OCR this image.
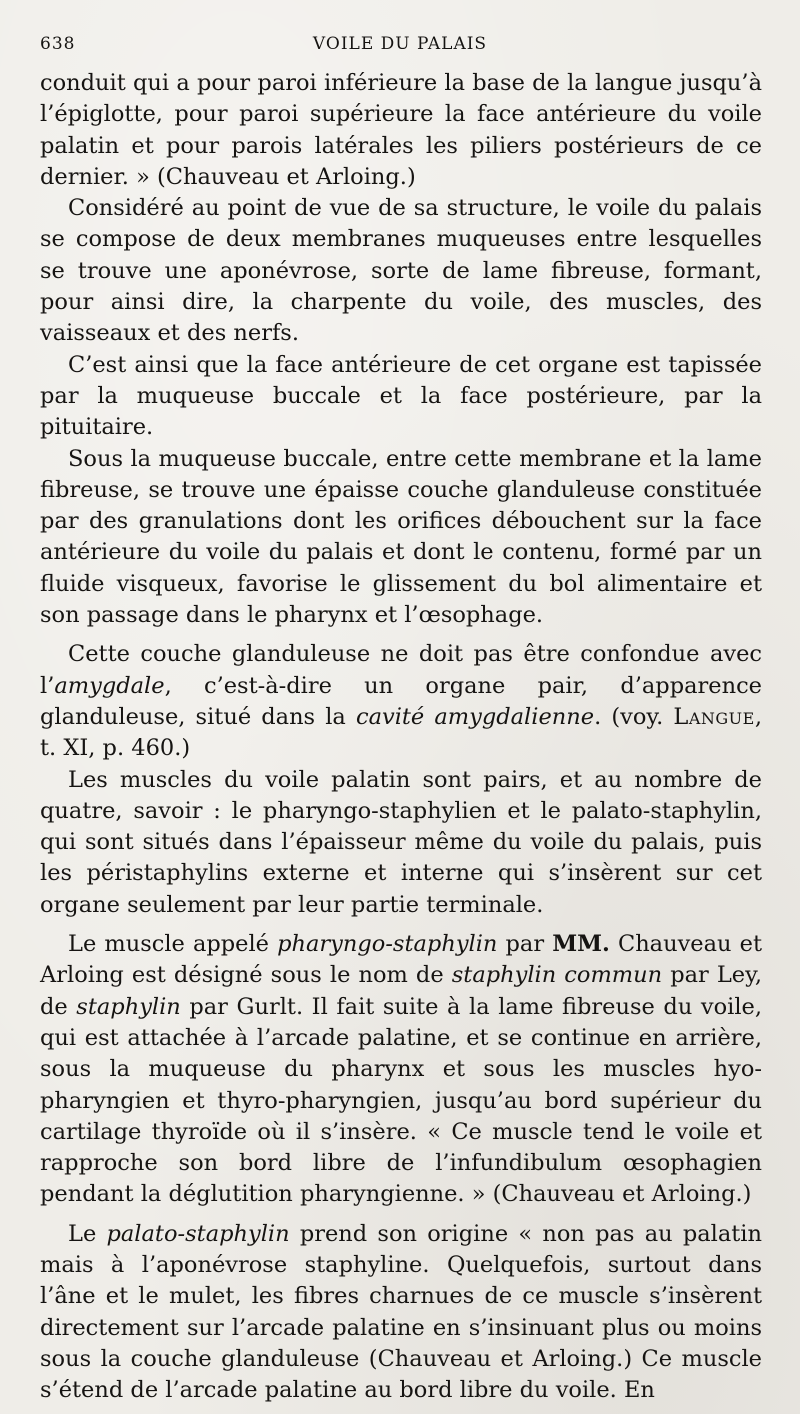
638	VOILE DU PALAIS

conduit qui a pour paroi inférieure la base de la langue jusqu’à l’épiglotte, pour paroi supérieure la face antérieure du voile palatin et pour parois latérales les piliers postérieurs de ce dernier. » (Chauveau et Arloing.)

Considéré au point de vue de sa structure, le voile du palais se compose de deux membranes muqueuses entre lesquelles se trouve une aponévrose, sorte de lame fibreuse, formant, pour ainsi dire, la charpente du voile, des muscles, des vaisseaux et des nerfs.

C’est ainsi que la face antérieure de cet organe est tapissée par la muqueuse buccale et la face postérieure, par la pituitaire.

Sous la muqueuse buccale, entre cette membrane et la lame fibreuse, se trouve une épaisse couche glanduleuse constituée par des granulations dont les orifices débouchent sur la face antérieure du voile du palais et dont le contenu, formé par un fluide visqueux, favorise le glissement du bol alimentaire et son passage dans le pharynx et l’œsophage.

Cette couche glanduleuse ne doit pas être confondue avec l’amygdale, c’est-à-dire un organe pair, d’apparence glanduleuse, situé dans la cavité amygdalienne. (voy. Langue, t. XI, p. 460.)

Les muscles du voile palatin sont pairs, et au nombre de quatre, savoir : le pharyngo-staphylien et le palato-staphylin, qui sont situés dans l’épaisseur même du voile du palais, puis les péristaphylins externe et interne qui s’insèrent sur cet organe seulement par leur partie terminale.

Le muscle appelé pharyngo-staphylin par MM. Chauveau et Arloing est désigné sous le nom de staphylin commun par Ley, de staphylin par Gurlt. Il fait suite à la lame fibreuse du voile, qui est attachée à l’arcade palatine, et se continue en arrière, sous la muqueuse du pharynx et sous les muscles hyo-pharyngien et thyro-pharyngien, jusqu’au bord supérieur du cartilage thyroïde où il s’insère. « Ce muscle tend le voile et rapproche son bord libre de l’infundibulum œsophagien pendant la déglutition pharyngienne. » (Chauveau et Arloing.)

Le palato-staphylin prend son origine « non pas au palatin mais à l’aponévrose staphyline. Quelquefois, surtout dans l’âne et le mulet, les fibres charnues de ce muscle s’insèrent directement sur l’arcade palatine en s’insinuant plus ou moins sous la couche glanduleuse (Chauveau et Arloing.) Ce muscle s’étend de l’arcade palatine au bord libre du voile. En
